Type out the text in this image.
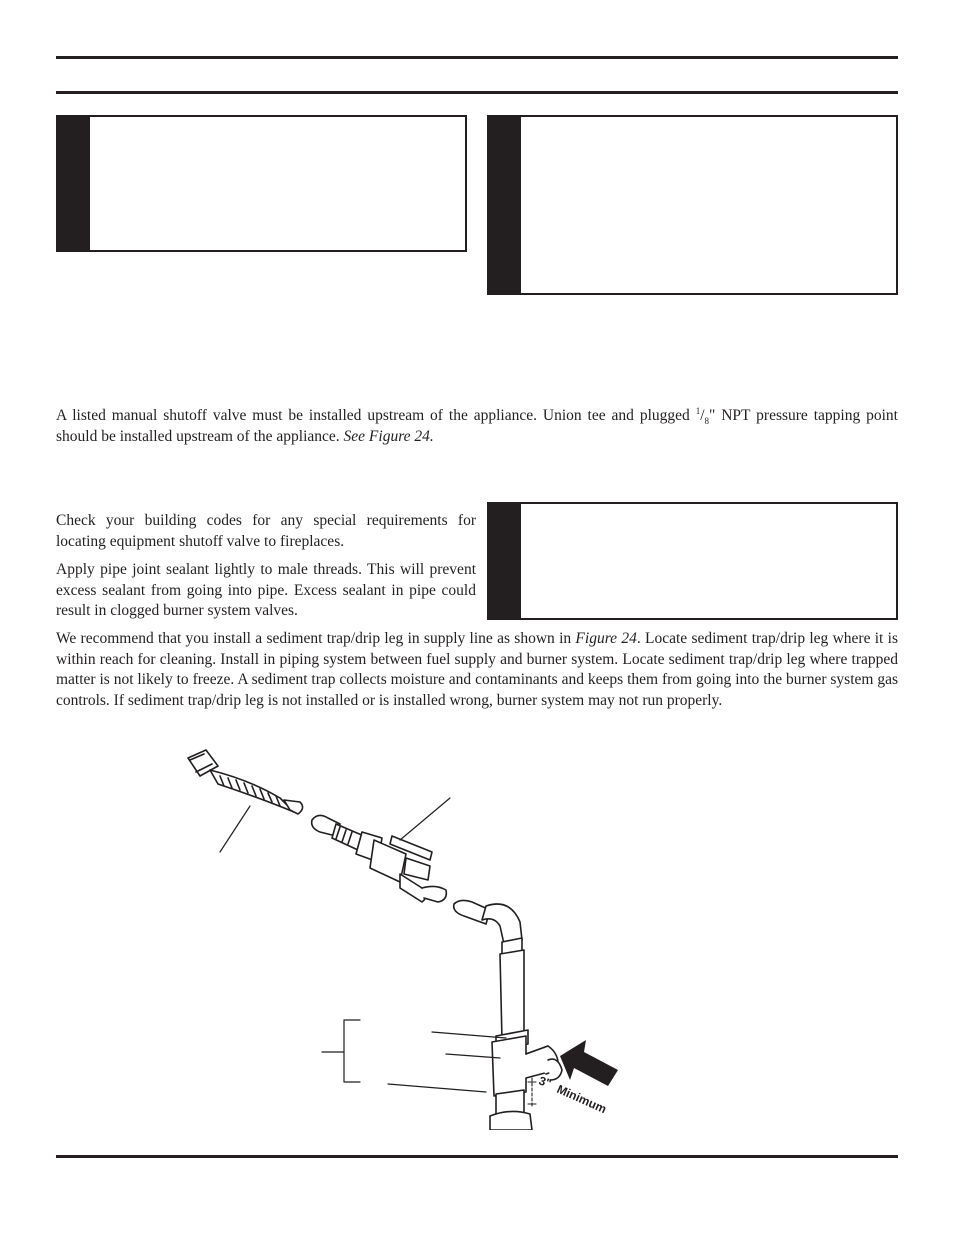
A listed manual shutoff valve must be installed upstream of the appliance. Union tee and plugged $^1/_8$" NPT pressure tapping point should be installed upstream of the appliance. See Figure 24.

Check your building codes for any special requirements for locating equipment shutoff valve to fireplaces.

Apply pipe joint sealant lightly to male threads. This will prevent excess sealant from going into pipe. Excess sealant in pipe could result in clogged burner system valves.

We recommend that you install a sediment trap/drip leg in supply line as shown in Figure 24. Locate sediment trap/drip leg where it is within reach for cleaning. Install in piping system between fuel supply and burner system. Locate sediment trap/drip leg where trapped matter is not likely to freeze. A sediment trap collects moisture and contaminants and keeps them from going into the burner system gas controls. If sediment trap/drip leg is not installed or is installed wrong, burner system may not run properly.

3" Minimum
